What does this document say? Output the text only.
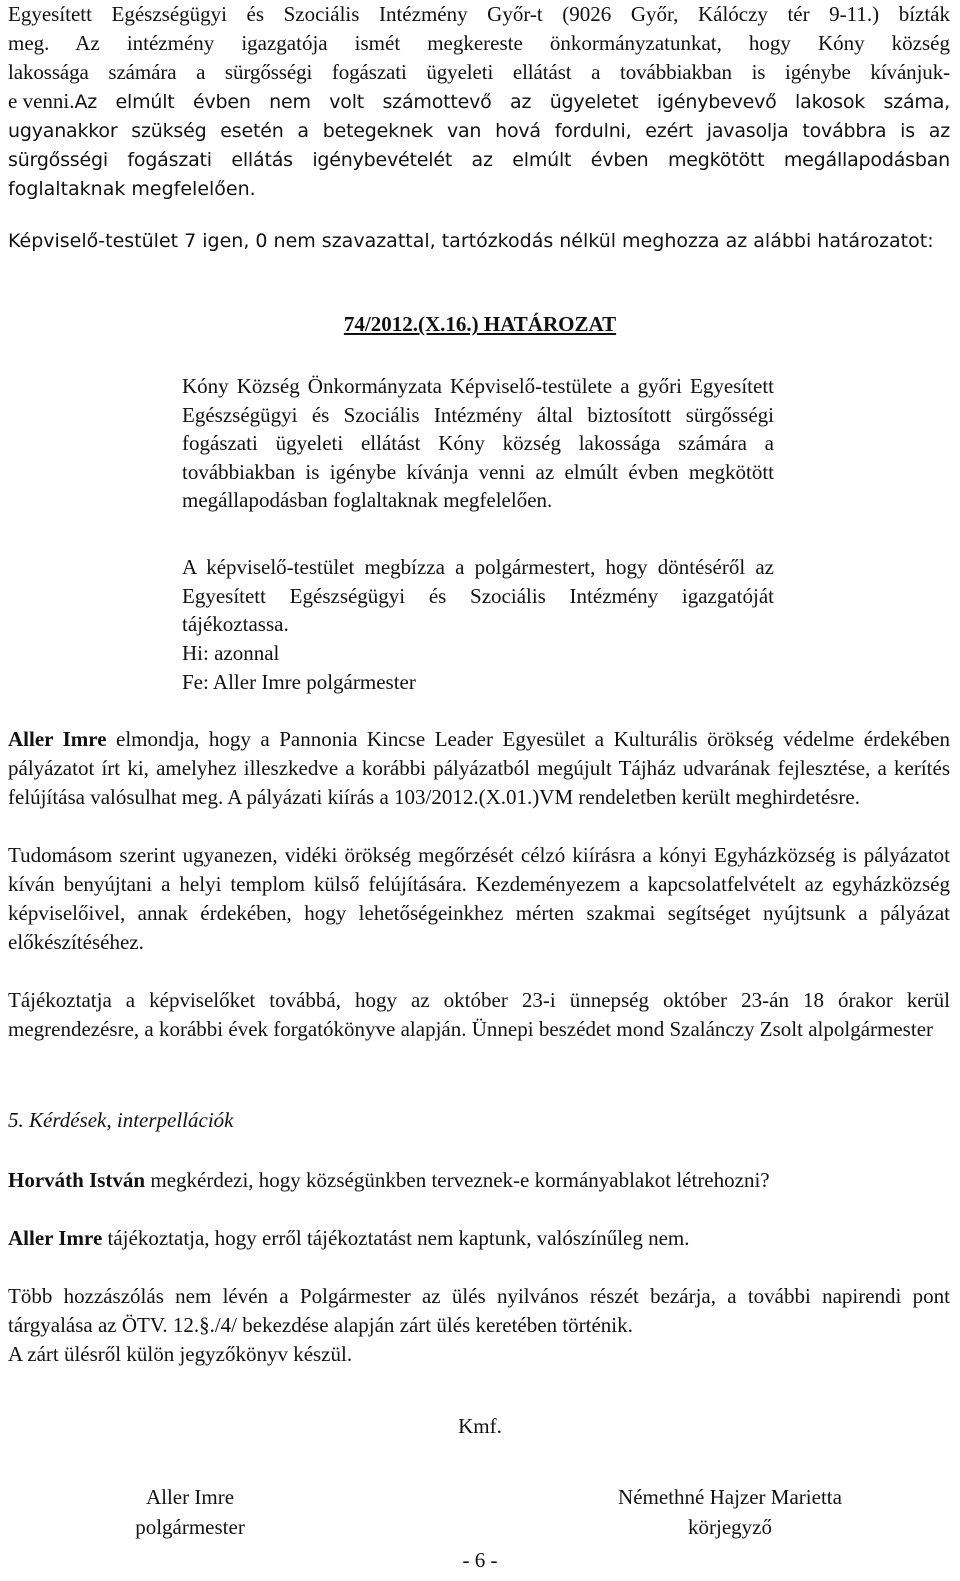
Egyesített Egészségügyi és Szociális Intézmény Győr-t (9026 Győr, Kálóczy tér 9-11.) bízták
meg. Az intézmény igazgatója ismét megkereste önkormányzatunkat, hogy Kóny község
lakossága számára a sürgősségi fogászati ügyeleti ellátást a továbbiakban is igénybe kívánjuk-
e venni. Az elmúlt évben nem volt számottevő az ügyeletet igénybevevő lakosok száma,
ugyanakkor szükség esetén a betegeknek van hová fordulni, ezért javasolja továbbra is az
sürgősségi fogászati ellátás igénybevételét az elmúlt évben megkötött megállapodásban
foglaltaknak megfelelően.

Képviselő-testület 7 igen, 0 nem szavazattal, tartózkodás nélkül meghozza az alábbi határozatot:

74/2012.(X.16.) HATÁROZAT

Kóny Község Önkormányzata Képviselő-testülete a győri Egyesített Egészségügyi és Szociális Intézmény által biztosított sürgősségi fogászati ügyeleti ellátást Kóny község lakossága számára a továbbiakban is igénybe kívánja venni az elmúlt évben megkötött megállapodásban foglaltaknak megfelelően.

A képviselő-testület megbízza a polgármestert, hogy döntéséről az Egyesített Egészségügyi és Szociális Intézmény igazgatóját tájékoztassa.

Hi: azonnal

Fe: Aller Imre polgármester

Aller Imre elmondja, hogy a Pannonia Kincse Leader Egyesület a Kulturális örökség védelme érdekében pályázatot írt ki, amelyhez illeszkedve a korábbi pályázatból megújult Tájház udvarának fejlesztése, a kerítés felújítása valósulhat meg. A pályázati kiírás a 103/2012.(X.01.)VM rendeletben került meghirdetésre.

Tudomásom szerint ugyanezen, vidéki örökség megőrzését célzó kiírásra a kónyi Egyházközség is pályázatot kíván benyújtani a helyi templom külső felújítására. Kezdeményezem a kapcsolatfelvételt az egyházközség képviselőivel, annak érdekében, hogy lehetőségeinkhez mérten szakmai segítséget nyújtsunk a pályázat előkészítéséhez.

Tájékoztatja a képviselőket továbbá, hogy az október 23-i ünnepség október 23-án 18 órakor kerül megrendezésre, a korábbi évek forgatókönyve alapján. Ünnepi beszédet mond Szalánczy Zsolt alpolgármester

5. Kérdések, interpellációk

Horváth István megkérdezi, hogy községünkben terveznek-e kormányablakot létrehozni?

Aller Imre tájékoztatja, hogy erről tájékoztatást nem kaptunk, valószínűleg nem.

Több hozzászólás nem lévén a Polgármester az ülés nyilvános részét bezárja, a további napirendi pont tárgyalása az ÖTV. 12.§./4/ bekezdése alapján zárt ülés keretében történik.

A zárt ülésről külön jegyzőkönyv készül.

Kmf.

Aller Imre
polgármester
Némethné Hajzer Marietta
körjegyző

- 6 -
